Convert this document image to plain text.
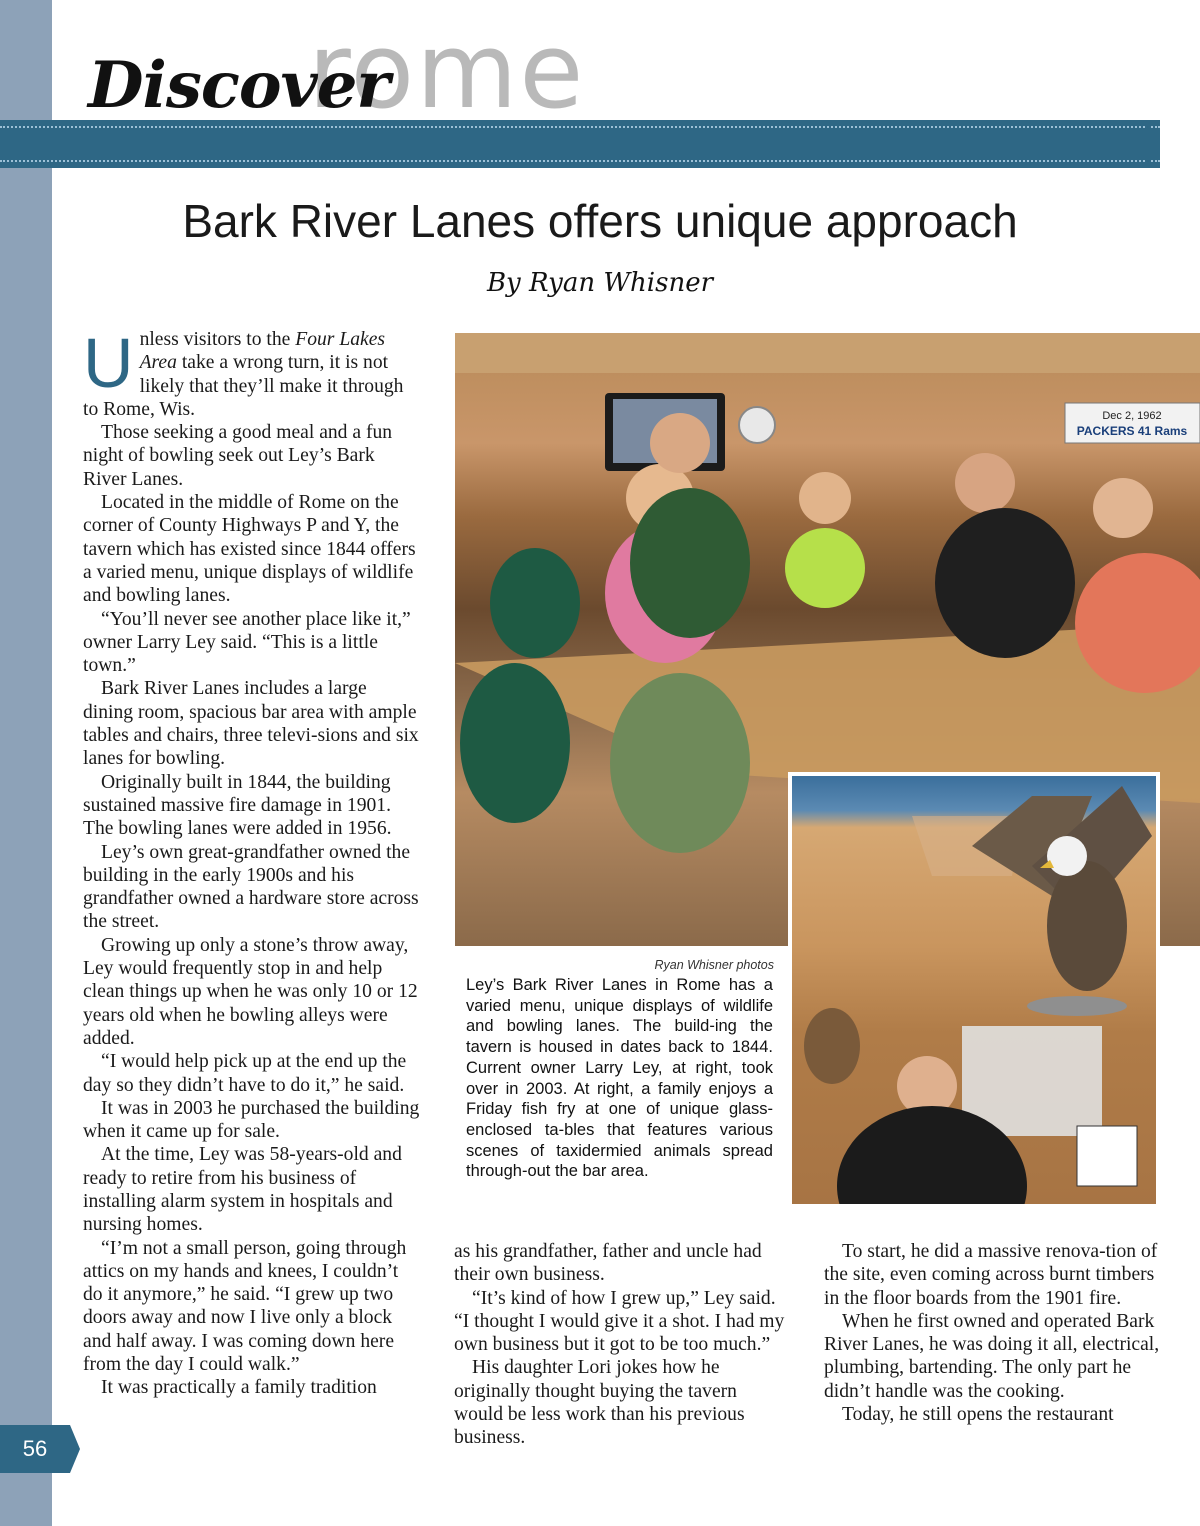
rome
Discover
Bark River Lanes offers unique approach
By Ryan Whisner

Unless visitors to the Four Lakes Area take a wrong turn, it is not likely that they’ll make it through to Rome, Wis.

Those seeking a good meal and a fun night of bowling seek out Ley’s Bark River Lanes.

Located in the middle of Rome on the corner of County Highways P and Y, the tavern which has existed since 1844 offers a varied menu, unique displays of wildlife and bowling lanes.

“You’ll never see another place like it,” owner Larry Ley said. “This is a little town.”

Bark River Lanes includes a large dining room, spacious bar area with ample tables and chairs, three televi-sions and six lanes for bowling.

Originally built in 1844, the building sustained massive fire damage in 1901. The bowling lanes were added in 1956.

Ley’s own great-grandfather owned the building in the early 1900s and his grandfather owned a hardware store across the street.

Growing up only a stone’s throw away, Ley would frequently stop in and help clean things up when he was only 10 or 12 years old when he bowling alleys were added.

“I would help pick up at the end up the day so they didn’t have to do it,” he said.

It was in 2003 he purchased the building when it came up for sale.

At the time, Ley was 58-years-old and ready to retire from his business of installing alarm system in hospitals and nursing homes.

“I’m not a small person, going through attics on my hands and knees, I couldn’t do it anymore,” he said. “I grew up two doors away and now I live only a block and half away. I was coming down here from the day I could walk.”

It was practically a family tradition

Dec 2, 1962
PACKERS 41 Rams
Ryan Whisner photos
Ley’s Bark River Lanes in Rome has a varied menu, unique displays of wildlife and bowling lanes. The build-ing the tavern is housed in dates back to 1844. Current owner Larry Ley, at right, took over in 2003. At right, a family enjoys a Friday fish fry at one of unique glass-enclosed ta-bles that features various scenes of taxidermied animals spread through-out the bar area.

as his grandfather, father and uncle had their own business.

“It’s kind of how I grew up,” Ley said. “I thought I would give it a shot. I had my own business but it got to be too much.”

His daughter Lori jokes how he originally thought buying the tavern would be less work than his previous business.

To start, he did a massive renova-tion of the site, even coming across burnt timbers in the floor boards from the 1901 fire.

When he first owned and operated Bark River Lanes, he was doing it all, electrical, plumbing, bartending. The only part he didn’t handle was the cooking.

Today, he still opens the restaurant

56
